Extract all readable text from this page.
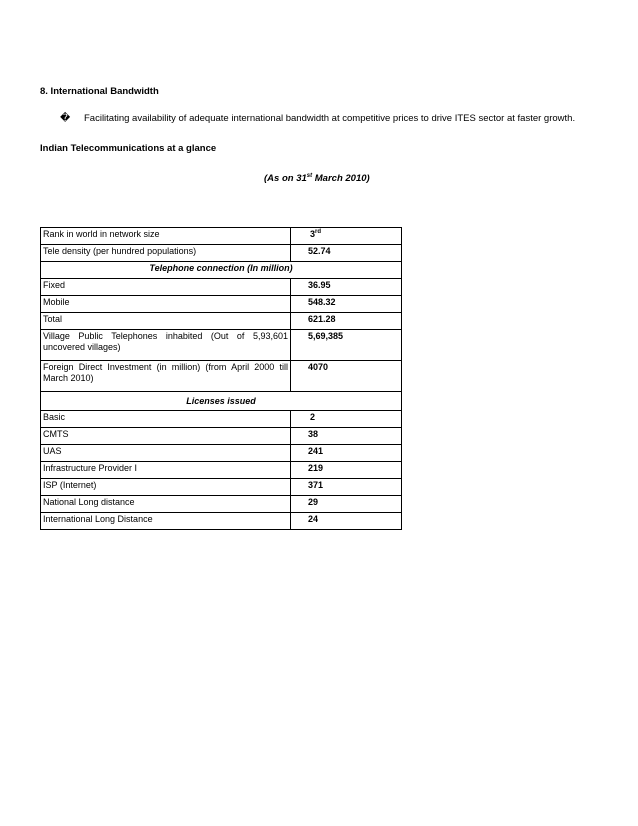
8. International Bandwidth
� Facilitating availability of adequate international bandwidth at competitive prices to drive ITES sector at faster growth.
Indian Telecommunications at a glance
(As on 31st March 2010)
Rank in world in network size	3rd
Tele density (per hundred populations)	52.74
Telephone connection (In million)	
Fixed	36.95
Mobile	548.32
Total	621.28

Village Public Telephones inhabited (Out of 5,93,601
uncovered villages)	5,69,385

Foreign Direct Investment (in million) (from April 2000 till
March 2010)	4070
Licenses issued	
Basic	2
CMTS	38
UAS	241
Infrastructure Provider I	219
ISP (Internet)	371
National Long distance	29
International Long Distance	24
